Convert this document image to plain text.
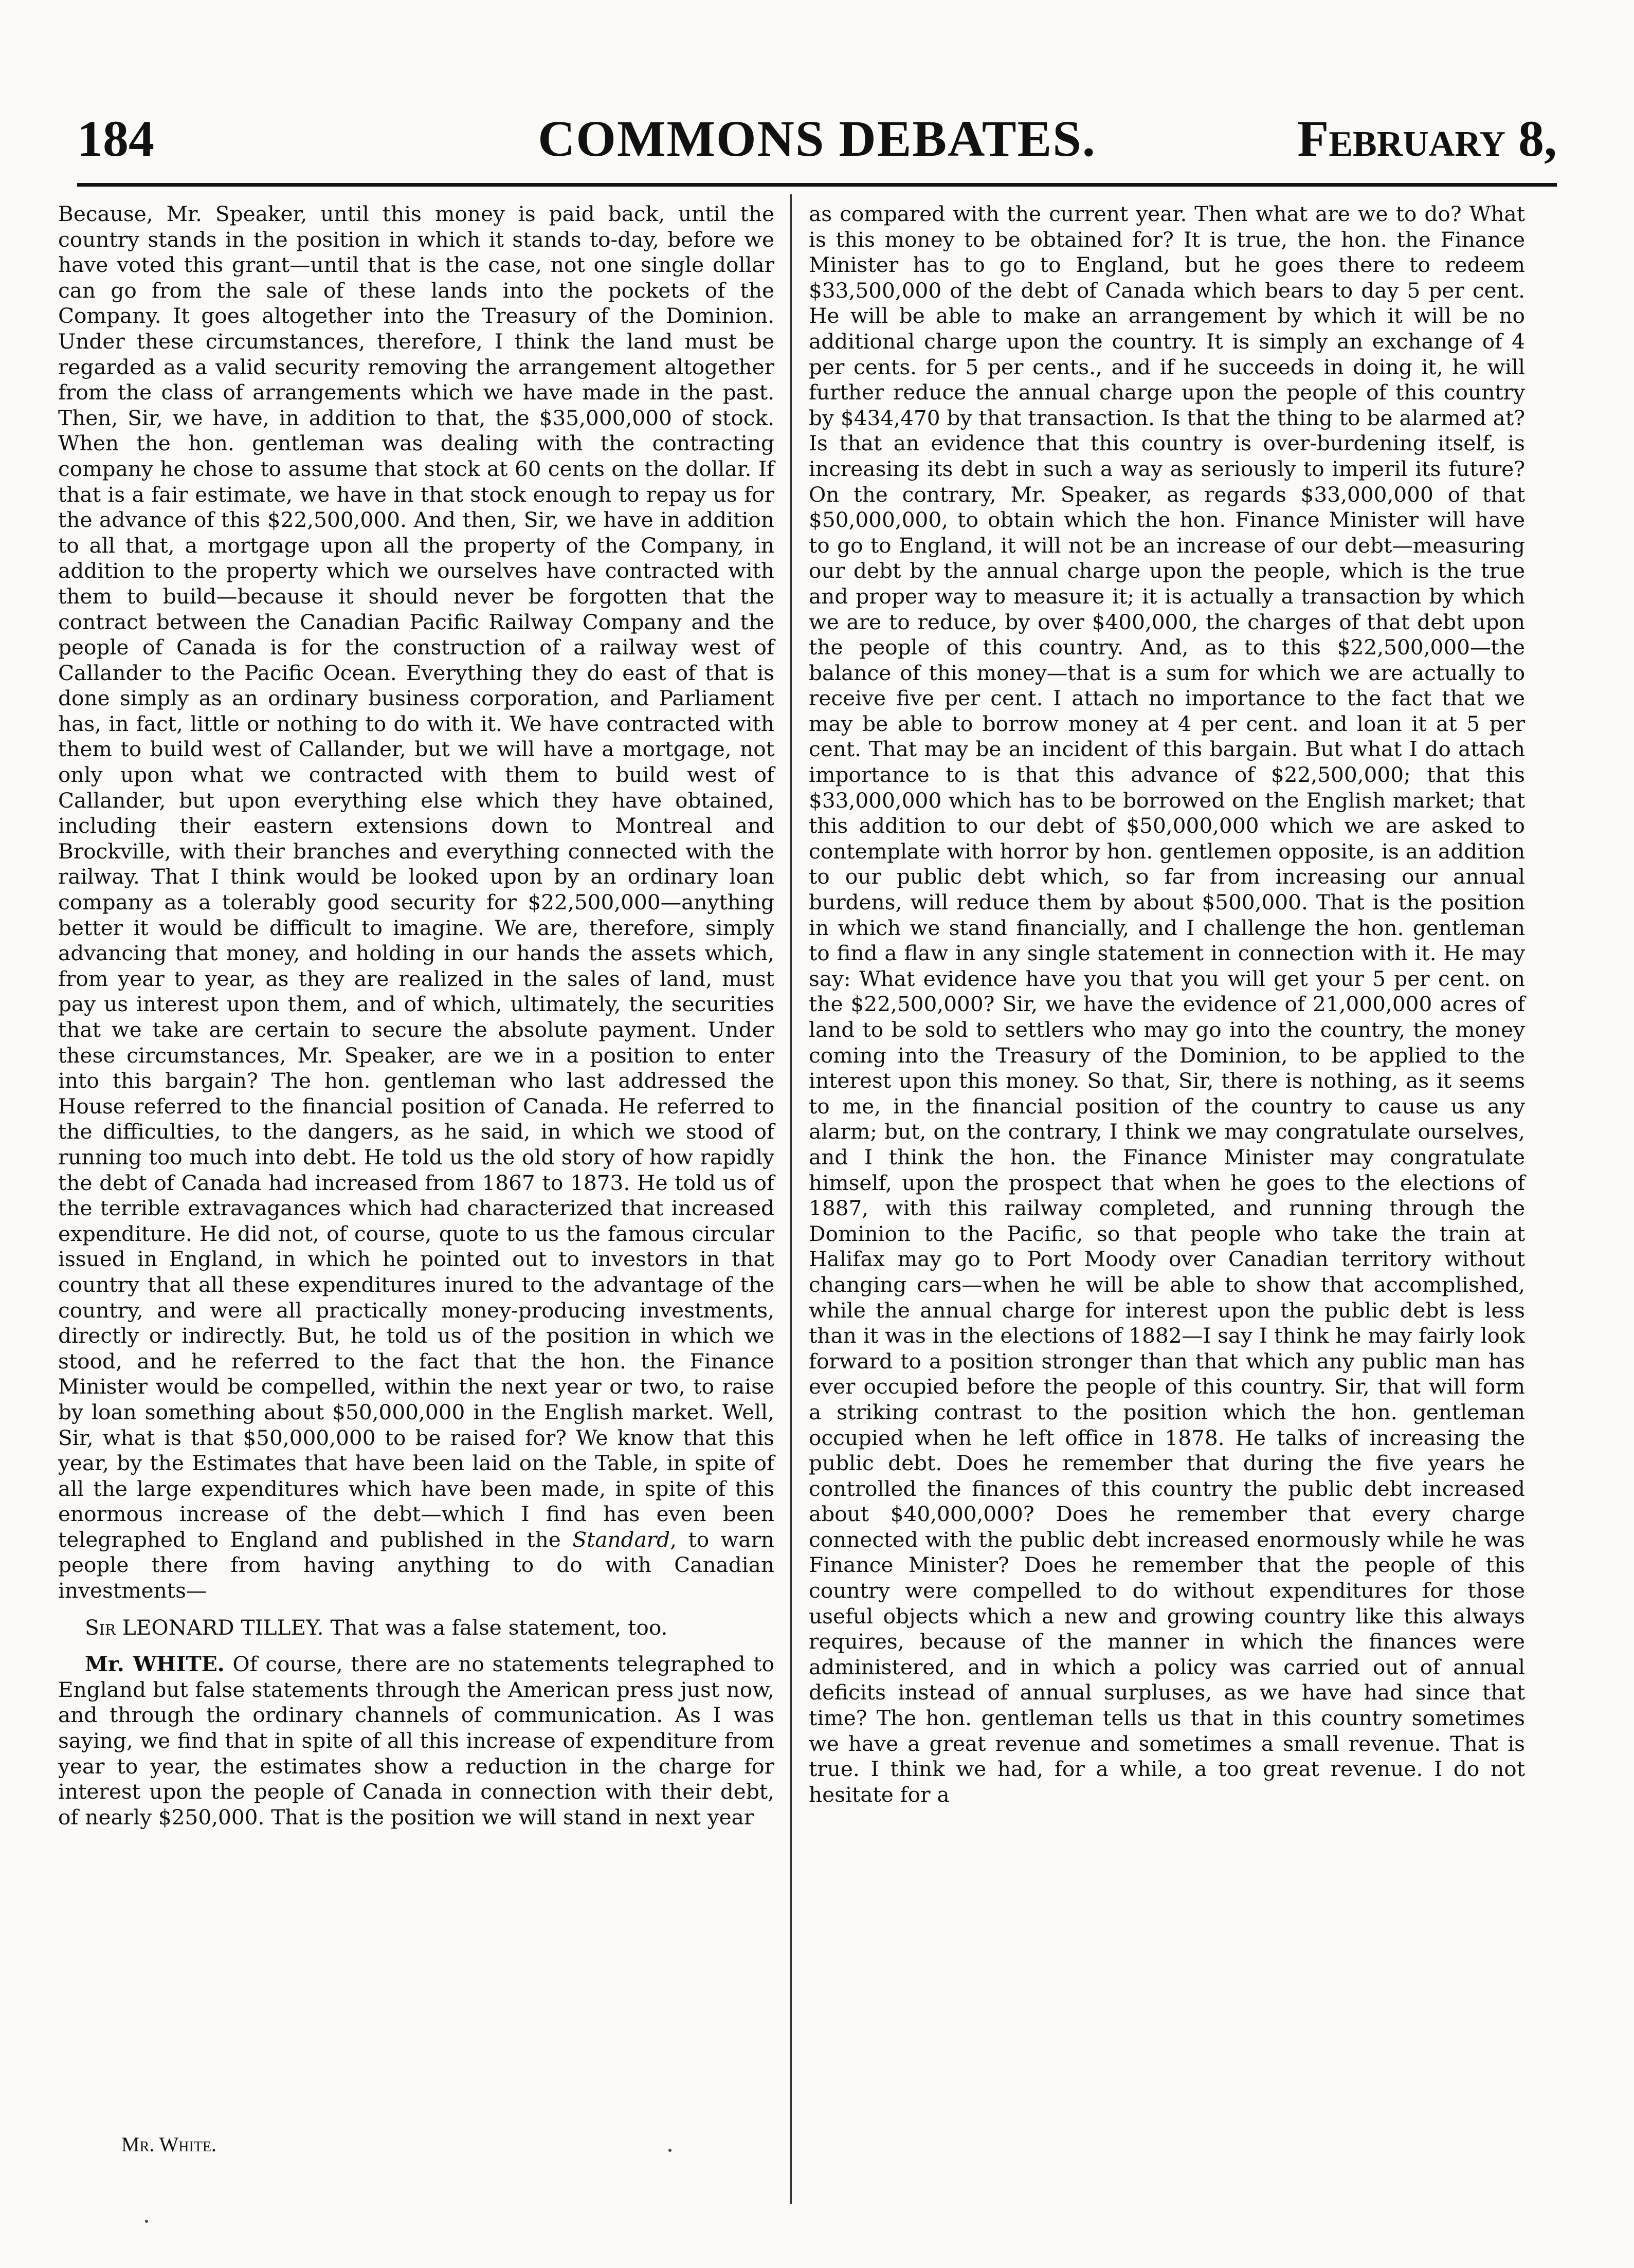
184	COMMONS DEBATES.	February 8,

Because, Mr. Speaker, until this money is paid back, until the country stands in the position in which it stands to-day, before we have voted this grant—until that is the case, not one single dollar can go from the sale of these lands into the pockets of the Company. It goes altogether into the Treasury of the Dominion. Under these circumstances, therefore, I think the land must be regarded as a valid security removing the arrangement altogether from the class of arrangements which we have made in the past. Then, Sir, we have, in addition to that, the $35,000,000 of stock. When the hon. gentleman was dealing with the contracting company he chose to assume that stock at 60 cents on the dollar. If that is a fair estimate, we have in that stock enough to repay us for the advance of this $22,500,000. And then, Sir, we have in addition to all that, a mortgage upon all the property of the Company, in addition to the property which we ourselves have contracted with them to build—because it should never be forgotten that the contract between the Canadian Pacific Railway Company and the people of Canada is for the construction of a railway west of Callander to the Pacific Ocean. Everything they do east of that is done simply as an ordinary business corporation, and Parliament has, in fact, little or nothing to do with it. We have contracted with them to build west of Callander, but we will have a mortgage, not only upon what we contracted with them to build west of Callander, but upon everything else which they have obtained, including their eastern extensions down to Montreal and Brockville, with their branches and everything connected with the railway. That I think would be looked upon by an ordinary loan company as a tolerably good security for $22,500,000—anything better it would be difficult to imagine. We are, therefore, simply advancing that money, and holding in our hands the assets which, from year to year, as they are realized in the sales of land, must pay us interest upon them, and of which, ultimately, the securities that we take are certain to secure the absolute payment. Under these circumstances, Mr. Speaker, are we in a position to enter into this bargain? The hon. gentleman who last addressed the House referred to the financial position of Canada. He referred to the difficulties, to the dangers, as he said, in which we stood of running too much into debt. He told us the old story of how rapidly the debt of Canada had increased from 1867 to 1873. He told us of the terrible extravagances which had characterized that increased expenditure. He did not, of course, quote to us the famous circular issued in England, in which he pointed out to investors in that country that all these expenditures inured to the advantage of the country, and were all practically money-producing investments, directly or indirectly. But, he told us of the position in which we stood, and he referred to the fact that the hon. the Finance Minister would be compelled, within the next year or two, to raise by loan something about $50,000,000 in the English market. Well, Sir, what is that $50,000,000 to be raised for? We know that this year, by the Estimates that have been laid on the Table, in spite of all the large expenditures which have been made, in spite of this enormous increase of the debt—which I find has even been telegraphed to England and published in the Standard, to warn people there from having anything to do with Canadian investments—

Sir LEONARD TILLEY. That was a false statement, too.

Mr. WHITE. Of course, there are no statements telegraphed to England but false statements through the American press just now, and through the ordinary channels of communication. As I was saying, we find that in spite of all this increase of expenditure from year to year, the estimates show a reduction in the charge for interest upon the people of Canada in connection with their debt, of nearly $250,000. That is the position we will stand in next year

as compared with the current year. Then what are we to do? What is this money to be obtained for? It is true, the hon. the Finance Minister has to go to England, but he goes there to redeem $33,500,000 of the debt of Canada which bears to day 5 per cent. He will be able to make an arrangement by which it will be no additional charge upon the country. It is simply an exchange of 4 per cents. for 5 per cents., and if he succeeds in doing it, he will further reduce the annual charge upon the people of this country by $434,470 by that transaction. Is that the thing to be alarmed at? Is that an evidence that this country is over-burdening itself, is increasing its debt in such a way as seriously to imperil its future? On the contrary, Mr. Speaker, as regards $33,000,000 of that $50,000,000, to obtain which the hon. Finance Minister will have to go to England, it will not be an increase of our debt—measuring our debt by the annual charge upon the people, which is the true and proper way to measure it; it is actually a transaction by which we are to reduce, by over $400,000, the charges of that debt upon the people of this country. And, as to this $22,500,000—the balance of this money—that is a sum for which we are actually to receive five per cent. I attach no importance to the fact that we may be able to borrow money at 4 per cent. and loan it at 5 per cent. That may be an incident of this bargain. But what I do attach importance to is that this advance of $22,500,000; that this $33,000,000 which has to be borrowed on the English market; that this addition to our debt of $50,000,000 which we are asked to contemplate with horror by hon. gentlemen opposite, is an addition to our public debt which, so far from increasing our annual burdens, will reduce them by about $500,000. That is the position in which we stand financially, and I challenge the hon. gentleman to find a flaw in any single statement in connection with it. He may say: What evidence have you that you will get your 5 per cent. on the $22,500,000? Sir, we have the evidence of 21,000,000 acres of land to be sold to settlers who may go into the country, the money coming into the Treasury of the Dominion, to be applied to the interest upon this money. So that, Sir, there is nothing, as it seems to me, in the financial position of the country to cause us any alarm; but, on the contrary, I think we may congratulate ourselves, and I think the hon. the Finance Minister may congratulate himself, upon the prospect that when he goes to the elections of 1887, with this railway completed, and running through the Dominion to the Pacific, so that people who take the train at Halifax may go to Port Moody over Canadian territory without changing cars—when he will be able to show that accomplished, while the annual charge for interest upon the public debt is less than it was in the elections of 1882—I say I think he may fairly look forward to a position stronger than that which any public man has ever occupied before the people of this country. Sir, that will form a striking contrast to the position which the hon. gentleman occupied when he left office in 1878. He talks of increasing the public debt. Does he remember that during the five years he controlled the finances of this country the public debt increased about $40,000,000? Does he remember that every charge connected with the public debt increased enormously while he was Finance Minister? Does he remember that the people of this country were compelled to do without expenditures for those useful objects which a new and growing country like this always requires, because of the manner in which the finances were administered, and in which a policy was carried out of annual deficits instead of annual surpluses, as we have had since that time? The hon. gentleman tells us that in this country sometimes we have a great revenue and sometimes a small revenue. That is true. I think we had, for a while, a too great revenue. I do not hesitate for a

Mr. White.
